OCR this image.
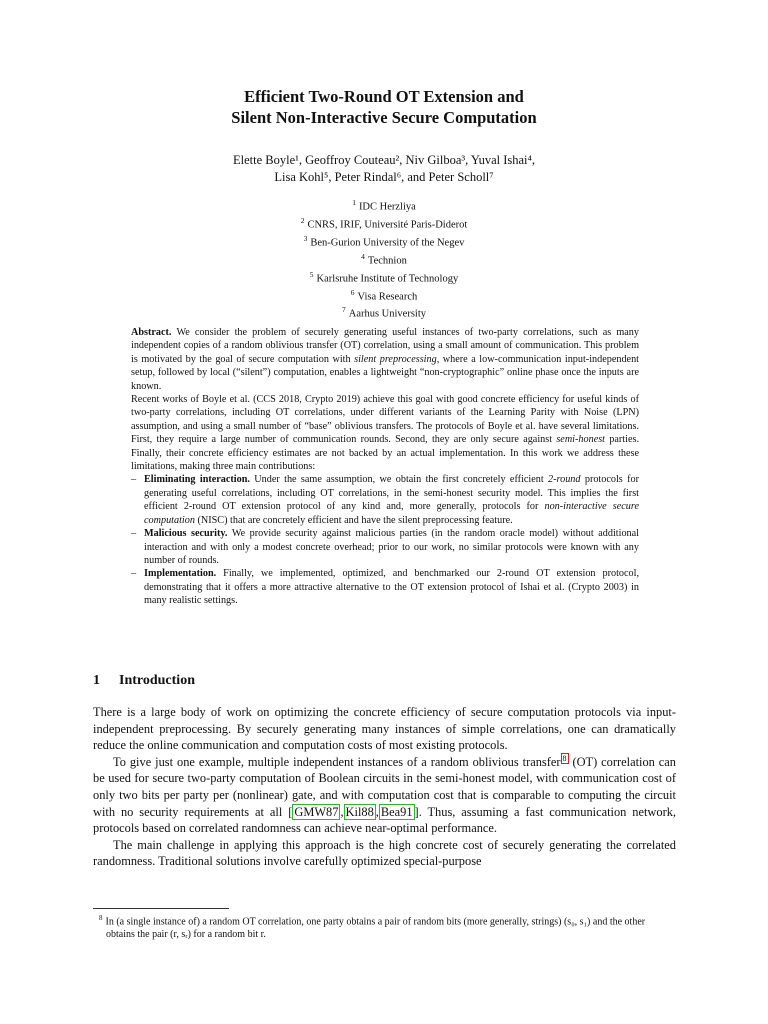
Efficient Two-Round OT Extension and
Silent Non-Interactive Secure Computation
Elette Boyle¹, Geoffroy Couteau², Niv Gilboa³, Yuval Ishai⁴,
Lisa Kohl⁵, Peter Rindal⁶, and Peter Scholl⁷
$^1$ IDC Herzliya
$^2$ CNRS, IRIF, Université Paris-Diderot
$^3$ Ben-Gurion University of the Negev
$^4$ Technion
$^5$ Karlsruhe Institute of Technology
$^6$ Visa Research
$^7$ Aarhus University

Abstract. We consider the problem of securely generating useful instances of two-party correlations, such as many independent copies of a random oblivious transfer (OT) correlation, using a small amount of communication. This problem is motivated by the goal of secure computation with silent preprocessing, where a low-communication input-independent setup, followed by local (“silent”) computation, enables a lightweight “non-cryptographic” online phase once the inputs are known.

Recent works of Boyle et al. (CCS 2018, Crypto 2019) achieve this goal with good concrete efficiency for useful kinds of two-party correlations, including OT correlations, under different variants of the Learning Parity with Noise (LPN) assumption, and using a small number of “base” oblivious transfers. The protocols of Boyle et al. have several limitations. First, they require a large number of communication rounds. Second, they are only secure against semi-honest parties. Finally, their concrete efficiency estimates are not backed by an actual implementation. In this work we address these limitations, making three main contributions:

– Eliminating interaction. Under the same assumption, we obtain the first concretely efficient 2-round protocols for generating useful correlations, including OT correlations, in the semi-honest security model. This implies the first efficient 2-round OT extension protocol of any kind and, more generally, protocols for non-interactive secure computation (NISC) that are concretely efficient and have the silent preprocessing feature.
– Malicious security. We provide security against malicious parties (in the random oracle model) without additional interaction and with only a modest concrete overhead; prior to our work, no similar protocols were known with any number of rounds.
– Implementation. Finally, we implemented, optimized, and benchmarked our 2-round OT extension protocol, demonstrating that it offers a more attractive alternative to the OT extension protocol of Ishai et al. (Crypto 2003) in many realistic settings.
1 Introduction

There is a large body of work on optimizing the concrete efficiency of secure computation protocols via input-independent preprocessing. By securely generating many instances of simple correlations, one can dramatically reduce the online communication and computation costs of most existing protocols.

To give just one example, multiple independent instances of a random oblivious transfer $^8$ (OT) correlation can be used for secure two-party computation of Boolean circuits in the semi-honest model, with communication cost of only two bits per party per (nonlinear) gate, and with computation cost that is comparable to computing the circuit with no security requirements at all [ GMW87 , Kil88 , Bea91 ]. Thus, assuming a fast communication network, protocols based on correlated randomness can achieve near-optimal performance.

The main challenge in applying this approach is the high concrete cost of securely generating the correlated randomness. Traditional solutions involve carefully optimized special-purpose

$^8$ In (a single instance of) a random OT correlation, one party obtains a pair of random bits (more generally, strings) (s₀, s₁) and the other obtains the pair (r, sᵣ) for a random bit r.
